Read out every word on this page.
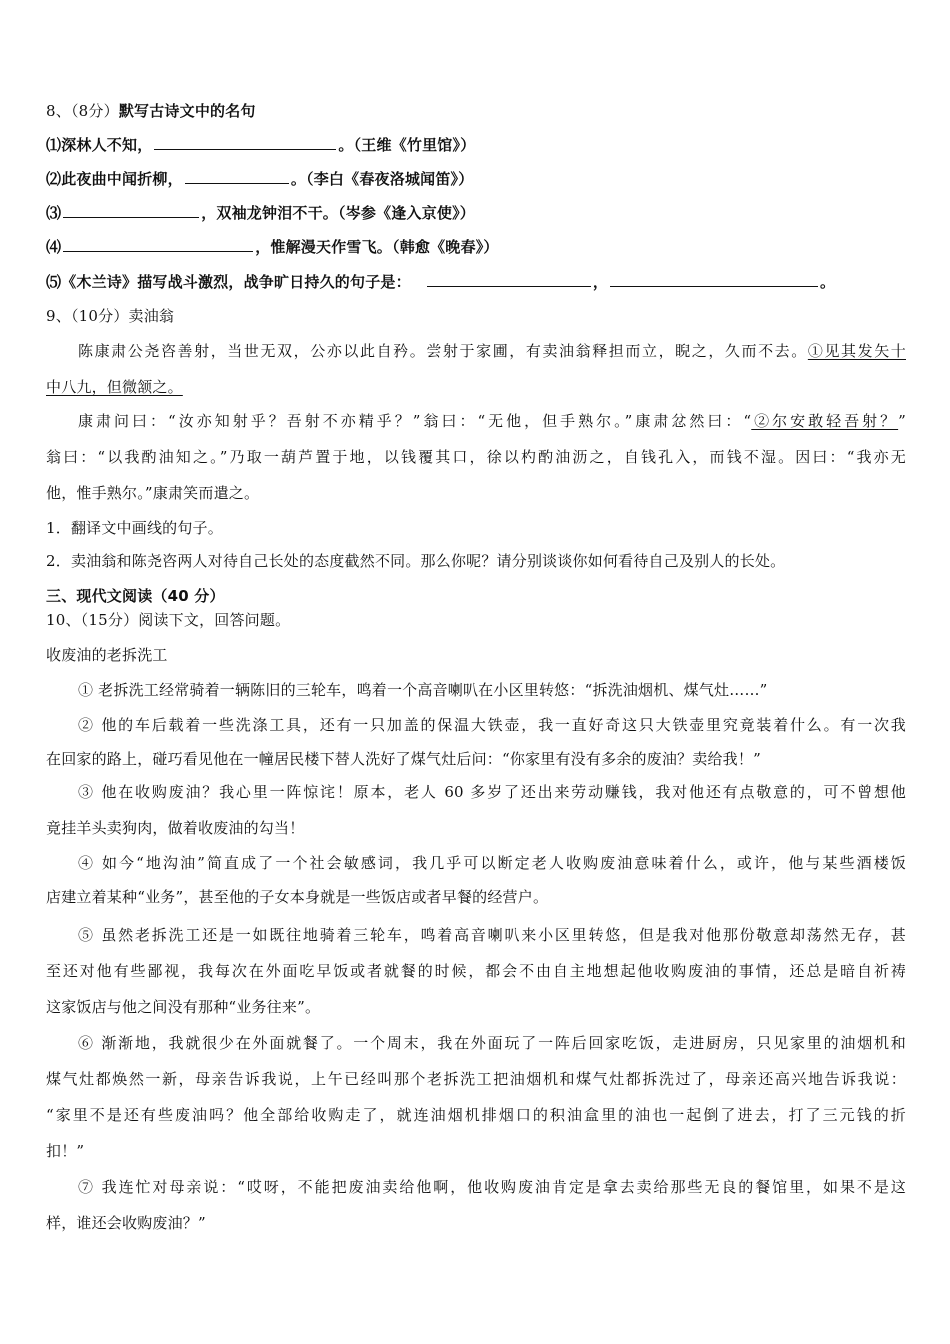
8、（8分）默写古诗文中的名句
⑴深林人不知，	。（王维《竹里馆》）
⑵此夜曲中闻折柳，	。（李白《春夜洛城闻笛》）
⑶	，双袖龙钟泪不干。（岑参《逢入京使》）
⑷	，惟解漫天作雪飞。（韩愈《晚春》）
⑸《木兰诗》描写战斗激烈，战争旷日持久的句子是：	，	。
9、（10分）卖油翁
陈康肃公尧咨善射，当世无双，公亦以此自矜。尝射于家圃，有卖油翁释担而立，睨之，久而不去。①见其发矢十
中八九，但微颔之。
康肃问曰：“汝亦知射乎？吾射不亦精乎？”翁曰：“无他，但手熟尔。”康肃忿然曰：“②尔安敢轻吾射？”
翁曰：“以我酌油知之。”乃取一葫芦置于地，以钱覆其口，徐以杓酌油沥之，自钱孔入，而钱不湿。因曰：“我亦无
他，惟手熟尔。”康肃笑而遣之。
1．翻译文中画线的句子。
2．卖油翁和陈尧咨两人对待自己长处的态度截然不同。那么你呢？请分别谈谈你如何看待自己及别人的长处。
三、现代文阅读（40 分）
10、（15分）阅读下文，回答问题。
收废油的老拆洗工
① 老拆洗工经常骑着一辆陈旧的三轮车，鸣着一个高音喇叭在小区里转悠：“拆洗油烟机、煤气灶……”
② 他的车后载着一些洗涤工具，还有一只加盖的保温大铁壶，我一直好奇这只大铁壶里究竟装着什么。有一次我
在回家的路上，碰巧看见他在一幢居民楼下替人洗好了煤气灶后问：“你家里有没有多余的废油？卖给我！”
③ 他在收购废油？我心里一阵惊诧！原本，老人 60 多岁了还出来劳动赚钱，我对他还有点敬意的，可不曾想他
竟挂羊头卖狗肉，做着收废油的勾当！
④ 如今“地沟油”简直成了一个社会敏感词，我几乎可以断定老人收购废油意味着什么，或许，他与某些酒楼饭
店建立着某种“业务”，甚至他的子女本身就是一些饭店或者早餐的经营户。
⑤ 虽然老拆洗工还是一如既往地骑着三轮车，鸣着高音喇叭来小区里转悠，但是我对他那份敬意却荡然无存，甚
至还对他有些鄙视，我每次在外面吃早饭或者就餐的时候，都会不由自主地想起他收购废油的事情，还总是暗自祈祷
这家饭店与他之间没有那种“业务往来”。
⑥ 渐渐地，我就很少在外面就餐了。一个周末，我在外面玩了一阵后回家吃饭，走进厨房，只见家里的油烟机和
煤气灶都焕然一新，母亲告诉我说，上午已经叫那个老拆洗工把油烟机和煤气灶都拆洗过了，母亲还高兴地告诉我说：
“家里不是还有些废油吗？他全部给收购走了，就连油烟机排烟口的积油盒里的油也一起倒了进去，打了三元钱的折
扣！”
⑦ 我连忙对母亲说：“哎呀，不能把废油卖给他啊，他收购废油肯定是拿去卖给那些无良的餐馆里，如果不是这
样，谁还会收购废油？”
